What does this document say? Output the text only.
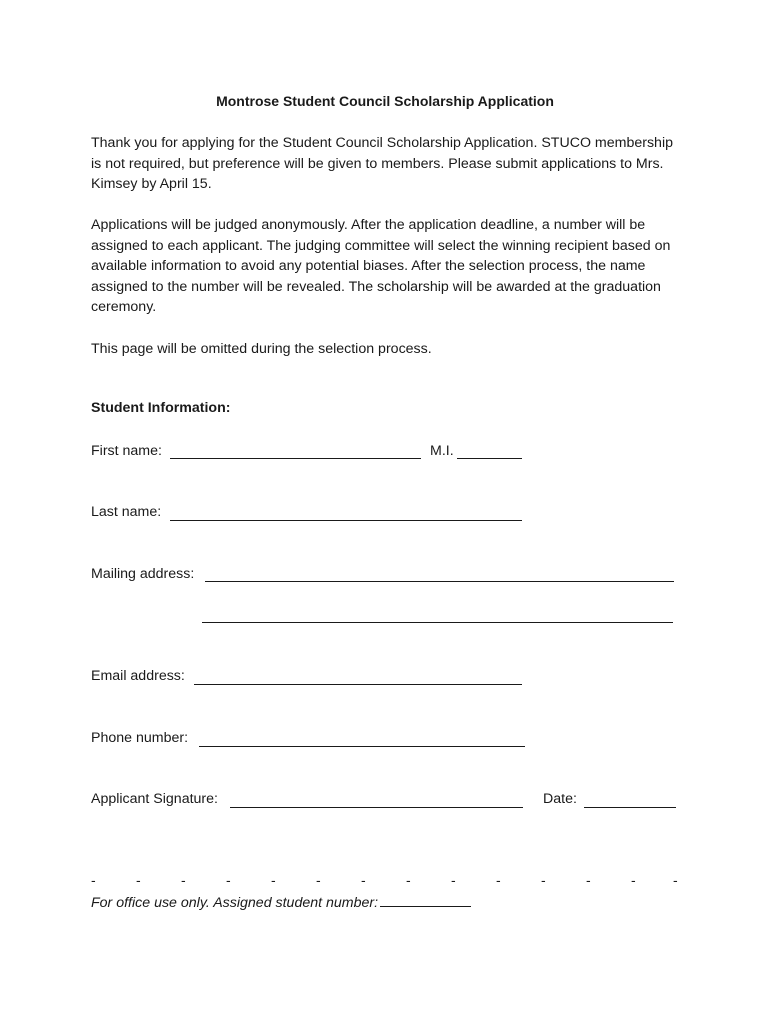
Montrose Student Council Scholarship Application
Thank you for applying for the Student Council Scholarship Application. STUCO membership is not required, but preference will be given to members. Please submit applications to Mrs. Kimsey by April 15.
Applications will be judged anonymously. After the application deadline, a number will be assigned to each applicant. The judging committee will select the winning recipient based on available information to avoid any potential biases. After the selection process, the name assigned to the number will be revealed. The scholarship will be awarded at the graduation ceremony.
This page will be omitted during the selection process.
Student Information:
First name:	M.I.
Last name:
Mailing address:
Email address:
Phone number:
Applicant Signature:	Date:
-	-	-	-	-	-	-	-	-	-	-	-	-	-
For office use only. Assigned student number:
